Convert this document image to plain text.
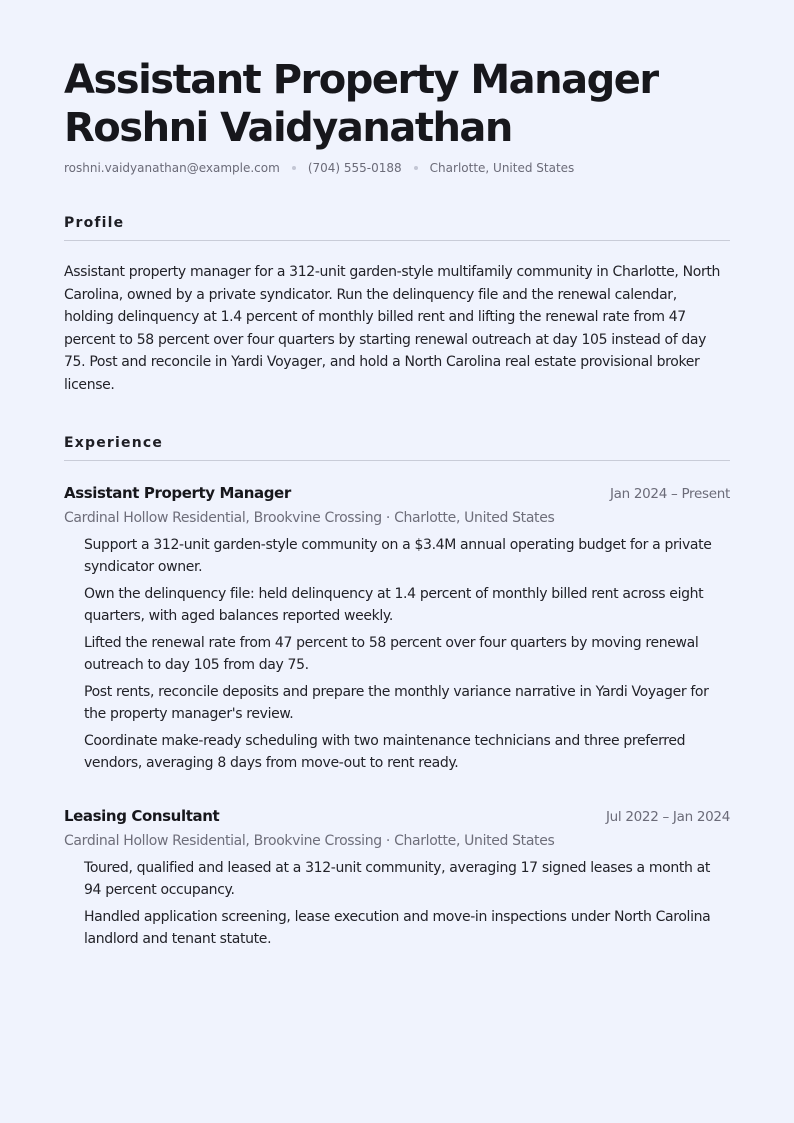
Assistant Property Manager
Roshni Vaidyanathan
roshni.vaidyanathan@example.com (704) 555-0188 Charlotte, United States
Profile
Assistant property manager for a 312-unit garden-style multifamily community in Charlotte, North Carolina, owned by a private syndicator. Run the delinquency file and the renewal calendar, holding delinquency at 1.4 percent of monthly billed rent and lifting the renewal rate from 47 percent to 58 percent over four quarters by starting renewal outreach at day 105 instead of day 75. Post and reconcile in Yardi Voyager, and hold a North Carolina real estate provisional broker license.
Experience
Assistant Property Manager	Jan 2024 – Present
Cardinal Hollow Residential, Brookvine Crossing · Charlotte, United States
Support a 312-unit garden-style community on a $3.4M annual operating budget for a private syndicator owner.
Own the delinquency file: held delinquency at 1.4 percent of monthly billed rent across eight quarters, with aged balances reported weekly.
Lifted the renewal rate from 47 percent to 58 percent over four quarters by moving renewal outreach to day 105 from day 75.
Post rents, reconcile deposits and prepare the monthly variance narrative in Yardi Voyager for the property manager's review.
Coordinate make-ready scheduling with two maintenance technicians and three preferred vendors, averaging 8 days from move-out to rent ready.
Leasing Consultant	Jul 2022 – Jan 2024
Cardinal Hollow Residential, Brookvine Crossing · Charlotte, United States
Toured, qualified and leased at a 312-unit community, averaging 17 signed leases a month at 94 percent occupancy.
Handled application screening, lease execution and move-in inspections under North Carolina landlord and tenant statute.
